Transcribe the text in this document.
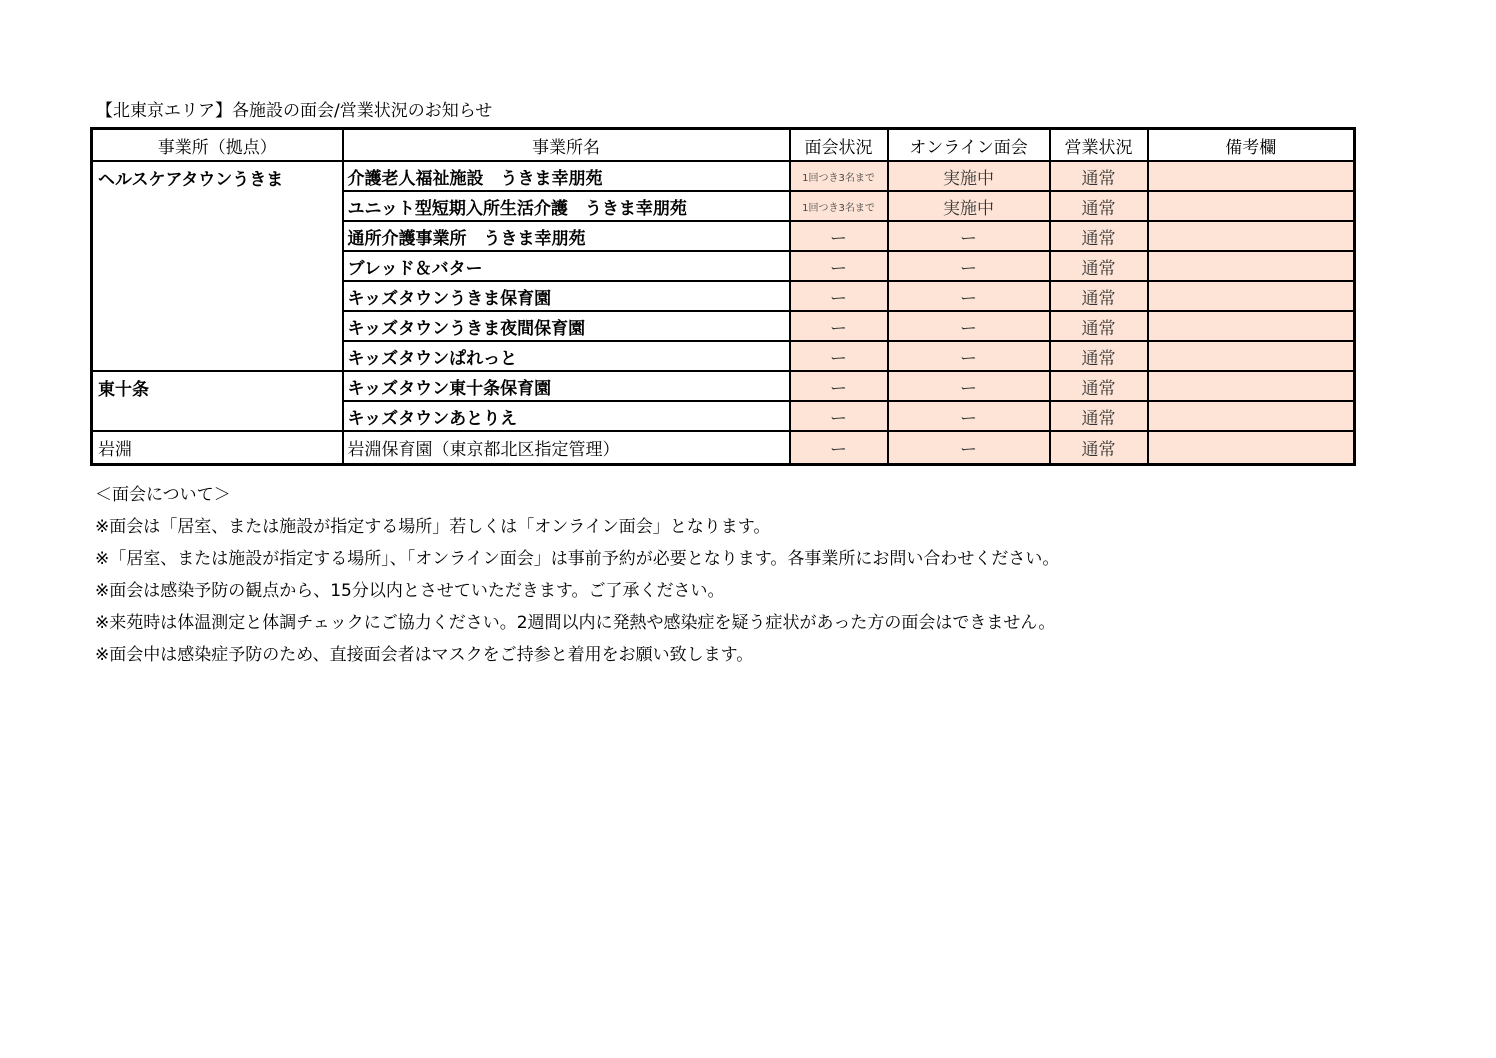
【北東京エリア】各施設の面会/営業状況のお知らせ
事業所（拠点）	事業所名	面会状況	オンライン面会	営業状況	備考欄
ヘルスケアタウンうきま	介護老人福祉施設　うきま幸朋苑	1回つき3名まで	実施中	通常	
	ユニット型短期入所生活介護　うきま幸朋苑	1回つき3名まで	実施中	通常	
	通所介護事業所　うきま幸朋苑	ー	ー	通常	
	ブレッド＆バター	ー	ー	通常	
	キッズタウンうきま保育園	ー	ー	通常	
	キッズタウンうきま夜間保育園	ー	ー	通常	
	キッズタウンぱれっと	ー	ー	通常	
東十条	キッズタウン東十条保育園	ー	ー	通常	
	キッズタウンあとりえ	ー	ー	通常	
岩淵	岩淵保育園（東京都北区指定管理）	ー	ー	通常	
＜面会について＞
※面会は「居室、または施設が指定する場所」若しくは「オンライン面会」となります。
※「居室、または施設が指定する場所」、「オンライン面会」は事前予約が必要となります。各事業所にお問い合わせください。
※面会は感染予防の観点から、15分以内とさせていただきます。ご了承ください。
※来苑時は体温測定と体調チェックにご協力ください。2週間以内に発熱や感染症を疑う症状があった方の面会はできません。
※面会中は感染症予防のため、直接面会者はマスクをご持参と着用をお願い致します。
